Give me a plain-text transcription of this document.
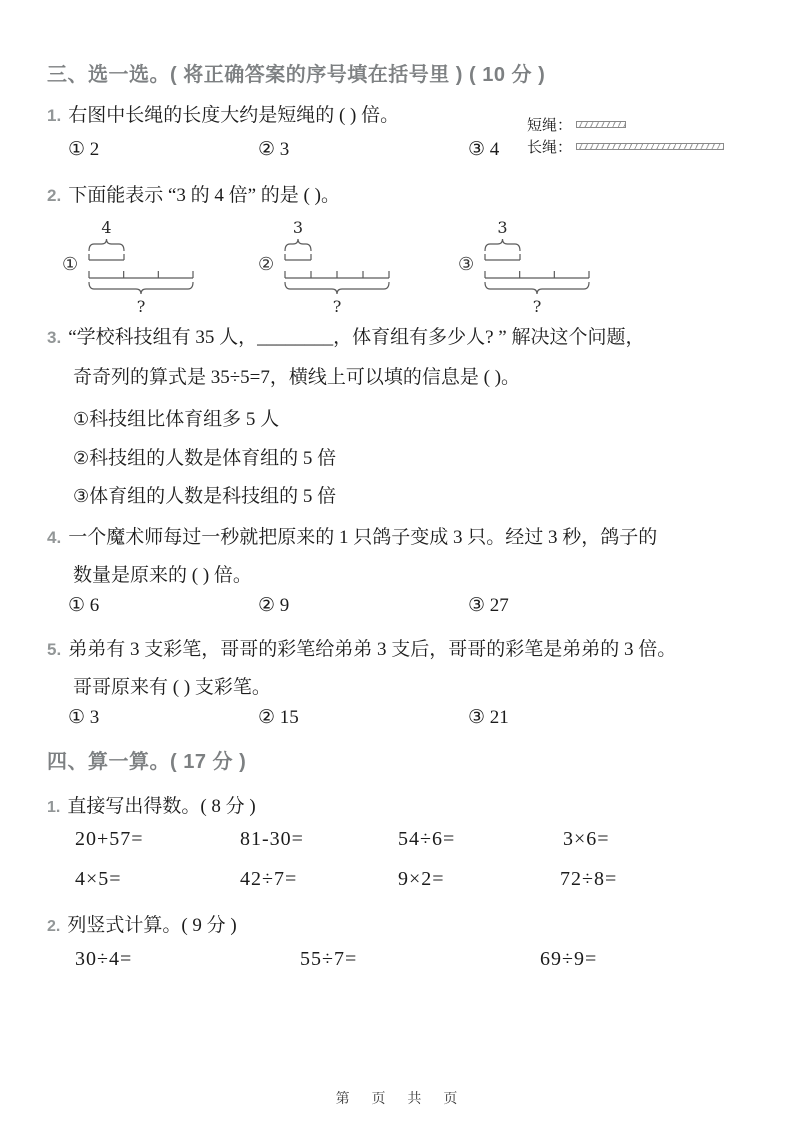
三、选一选。( 将正确答案的序号填在括号里 ) ( 10 分 )
1. 右图中长绳的长度大约是短绳的 ( ) 倍。	短绳：
长绳：
① 2	② 3	③ 4
2. 下面能表示 “3 的 4 倍” 的是 ( )。
①
4
?
②
3
?
③
3
?
3. “学校科技组有 35 人，________，体育组有多少人? ” 解决这个问题，
奇奇列的算式是 35÷5=7，横线上可以填的信息是 ( )。
①科技组比体育组多 5 人
②科技组的人数是体育组的 5 倍
③体育组的人数是科技组的 5 倍
4. 一个魔术师每过一秒就把原来的 1 只鸽子变成 3 只。经过 3 秒，鸽子的
数量是原来的 ( ) 倍。
① 6	② 9	③ 27
5. 弟弟有 3 支彩笔，哥哥的彩笔给弟弟 3 支后，哥哥的彩笔是弟弟的 3 倍。
哥哥原来有 ( ) 支彩笔。
① 3	② 15	③ 21
四、算一算。( 17 分 )
1. 直接写出得数。( 8 分 )
20+57=	81-30=	54÷6=	3×6=
4×5=	42÷7=	9×2=	72÷8=
2. 列竖式计算。( 9 分 )
30÷4=	55÷7=	69÷9=
第 页 共 页
